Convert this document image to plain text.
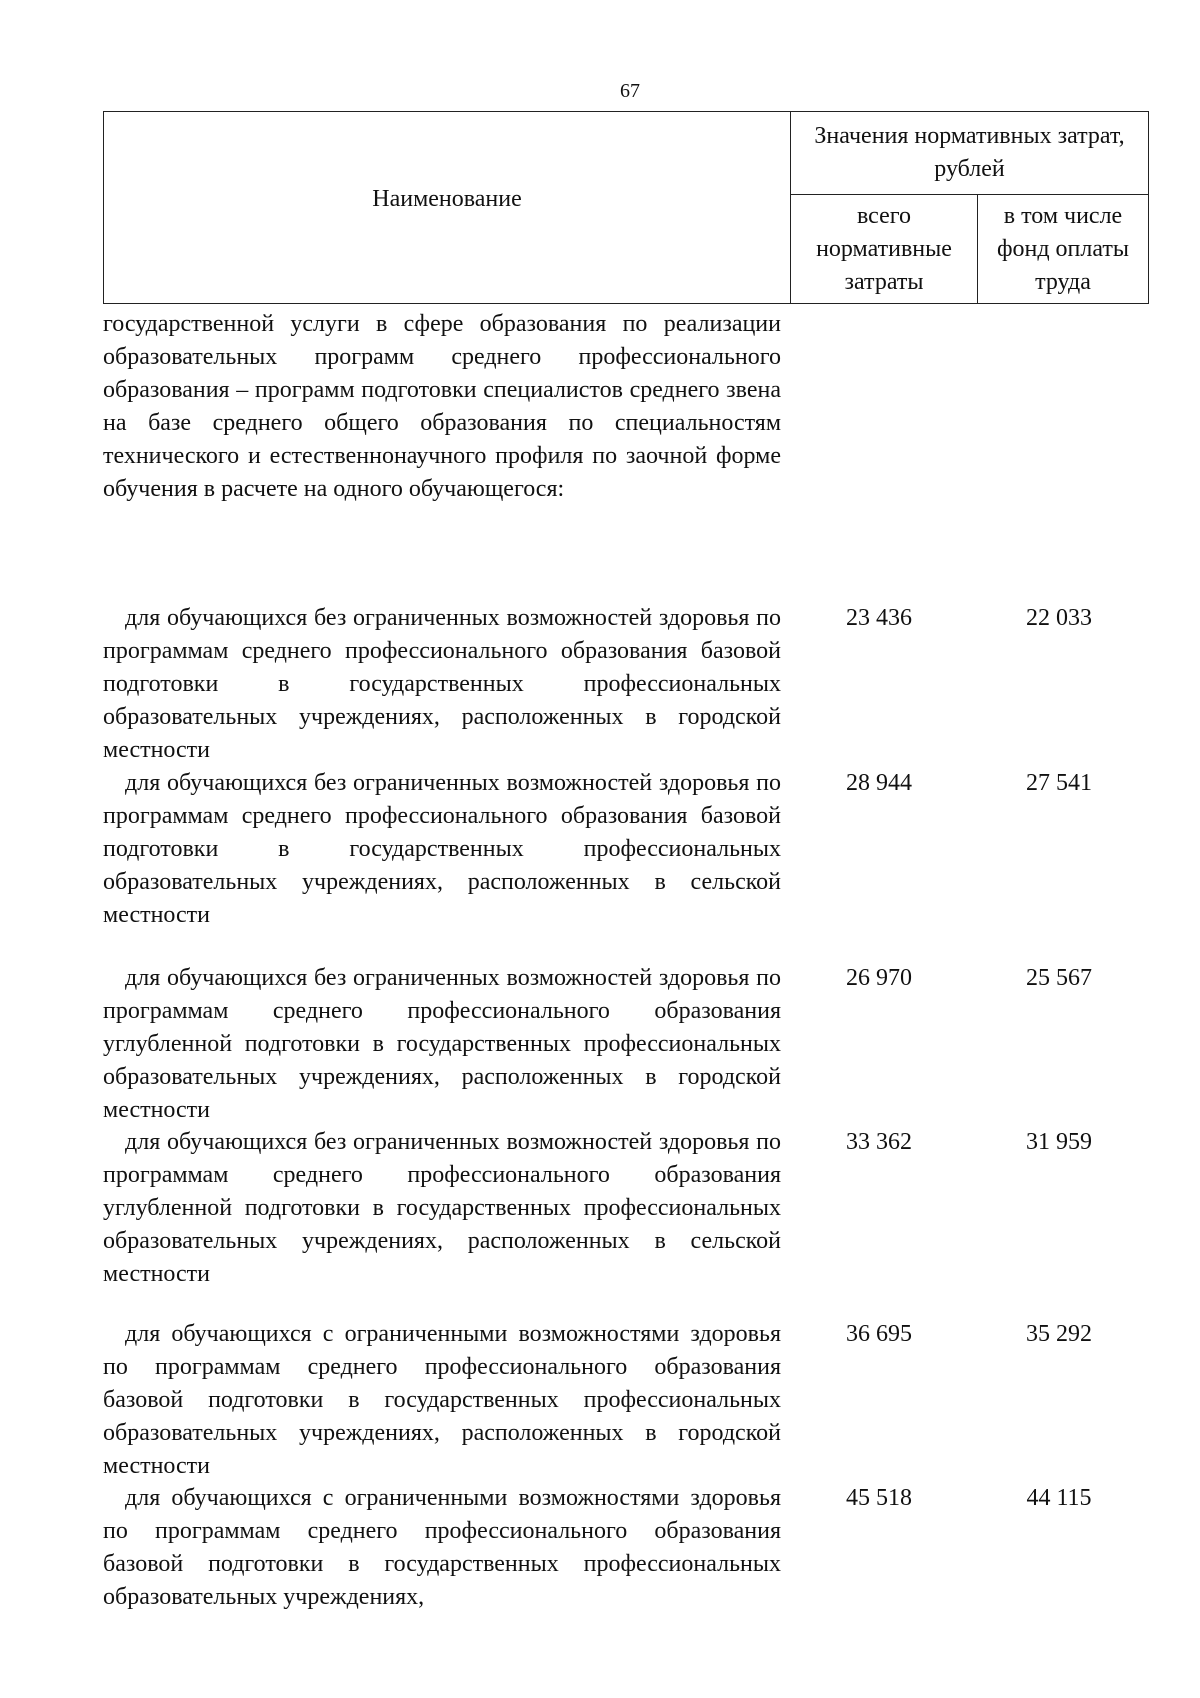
67
Наименование	Значения нормативных затрат, рублей	

	всего нормативные затраты	в том числе фонд оплаты труда
государственной услуги в сфере образования по реализации образовательных программ среднего профессионального образования – программ подготовки специалистов среднего звена на базе среднего общего образования по специальностям технического и естественнонаучного профиля по заочной форме обучения в расчете на одного обучающегося:
для обучающихся без ограниченных возможностей здоровья по программам среднего профессионального образования базовой подготовки в государственных профессиональных образовательных учреждениях, расположенных в городской местности
23 436	22 033
для обучающихся без ограниченных возможностей здоровья по программам среднего профессионального образования базовой подготовки в государственных профессиональных образовательных учреждениях, расположенных в сельской местности
28 944	27 541
для обучающихся без ограниченных возможностей здоровья по программам среднего профессионального образования углубленной подготовки в государственных профессиональных образовательных учреждениях, расположенных в городской местности
26 970	25 567
для обучающихся без ограниченных возможностей здоровья по программам среднего профессионального образования углубленной подготовки в государственных профессиональных образовательных учреждениях, расположенных в сельской местности
33 362	31 959
для обучающихся с ограниченными возможностями здоровья по программам среднего профессионального образования базовой подготовки в государственных профессиональных образовательных учреждениях, расположенных в городской местности
36 695	35 292
для обучающихся с ограниченными возможностями здоровья по программам среднего профессионального образования базовой подготовки в государственных профессиональных образовательных учреждениях,
45 518	44 115
